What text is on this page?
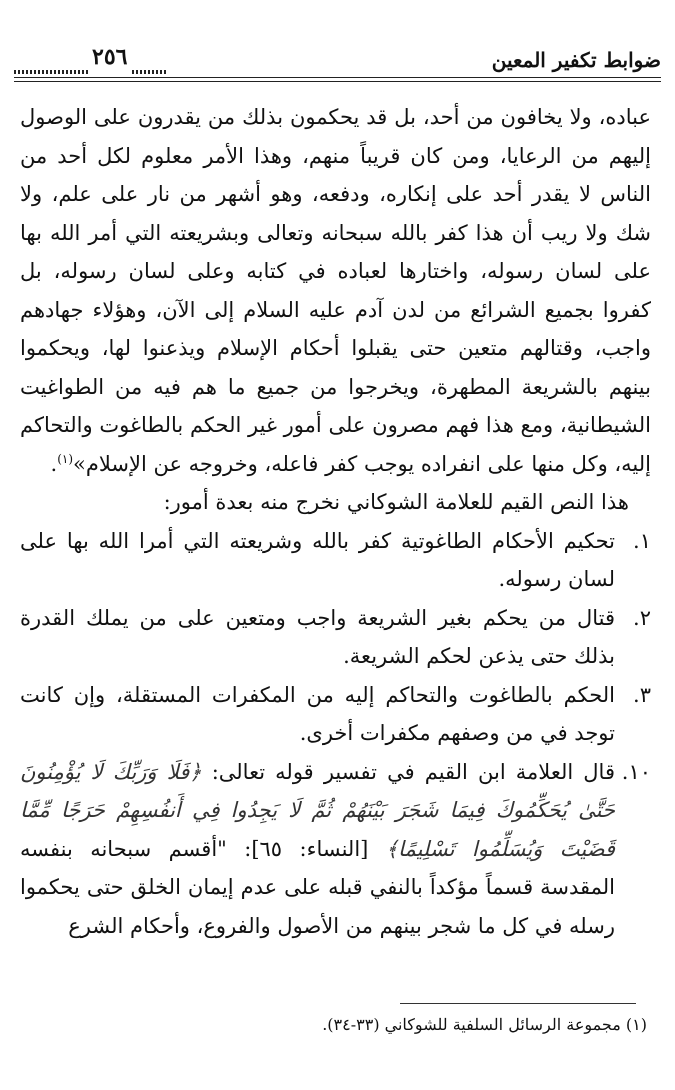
ضوابط تكفير المعين
٢٥٦

عباده، ولا يخافون من أحد، بل قد يحكمون بذلك من يقدرون على الوصول إليهم من الرعايا، ومن كان قريباً منهم، وهذا الأمر معلوم لكل أحد من الناس لا يقدر أحد على إنكاره، ودفعه، وهو أشهر من نار على علم، ولا شك ولا ريب أن هذا كفر بالله سبحانه وتعالى وبشريعته التي أمر الله بها على لسان رسوله، واختارها لعباده في كتابه وعلى لسان رسوله، بل كفروا بجميع الشرائع من لدن آدم عليه السلام إلى الآن، وهؤلاء جهادهم واجب، وقتالهم متعين حتى يقبلوا أحكام الإسلام ويذعنوا لها، ويحكموا بينهم بالشريعة المطهرة، ويخرجوا من جميع ما هم فيه من الطواغيت الشيطانية، ومع هذا فهم مصرون على أمور غير الحكم بالطاغوت والتحاكم إليه، وكل منها على انفراده يوجب كفر فاعله، وخروجه عن الإسلام»$^{(١)}$.

هذا النص القيم للعلامة الشوكاني نخرج منه بعدة أمور:

١.
تحكيم الأحكام الطاغوتية كفر بالله وشريعته التي أمرا الله بها على لسان رسوله.
٢.
قتال من يحكم بغير الشريعة واجب ومتعين على من يملك القدرة بذلك حتى يذعن لحكم الشريعة.
٣.
الحكم بالطاغوت والتحاكم إليه من المكفرات المستقلة، وإن كانت توجد في من وصفهم مكفرات أخرى.

١٠.
قال العلامة ابن القيم في تفسير قوله تعالى: ﴿فَلَا وَرَبِّكَ لَا يُؤْمِنُونَ حَتَّىٰ يُحَكِّمُوكَ فِيمَا شَجَرَ بَيْنَهُمْ ثُمَّ لَا يَجِدُوا فِي أَنفُسِهِمْ حَرَجًا مِّمَّا قَضَيْتَ وَيُسَلِّمُوا تَسْلِيمًا﴾ [النساء: ٦٥]: "أقسم سبحانه بنفسه المقدسة قسماً مؤكداً بالنفي قبله على عدم إيمان الخلق حتى يحكموا رسله في كل ما شجر بينهم من الأصول والفروع، وأحكام الشرع

(١) مجموعة الرسائل السلفية للشوكاني (٣٣-٣٤).
